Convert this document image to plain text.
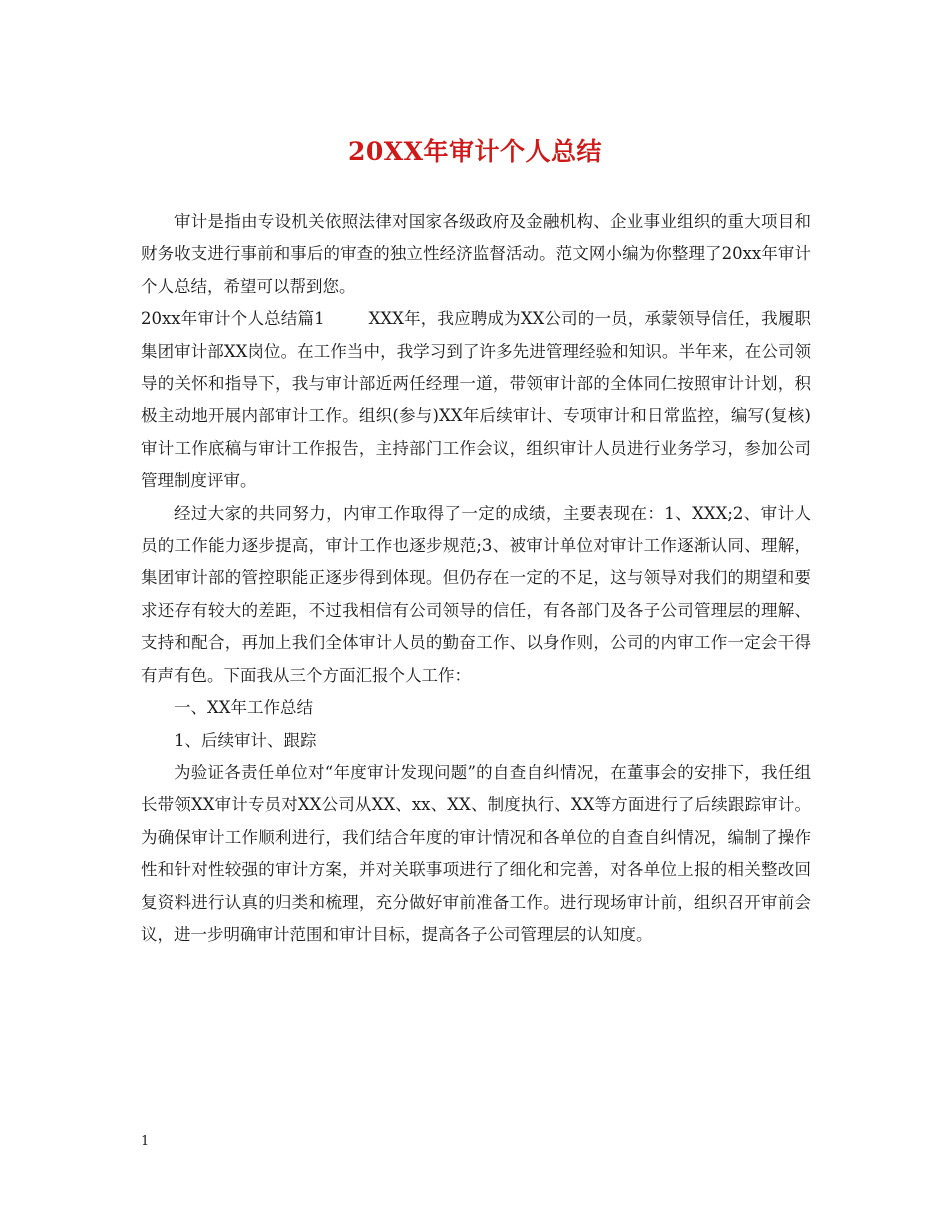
20XX年审计个人总结

审计是指由专设机关依照法律对国家各级政府及金融机构、企业事业组织的重大项目和财务收支进行事前和事后的审查的独立性经济监督活动。范文网小编为你整理了20xx年审计个人总结，希望可以帮到您。

20xx年审计个人总结篇1	XXX年，我应聘成为XX公司的一员，承蒙领导信任，我履职集团审计部XX岗位。在工作当中，我学习到了许多先进管理经验和知识。半年来，在公司领导的关怀和指导下，我与审计部近两任经理一道，带领审计部的全体同仁按照审计计划，积极主动地开展内部审计工作。组织(参与)XX年后续审计、专项审计和日常监控，编写(复核)审计工作底稿与审计工作报告，主持部门工作会议，组织审计人员进行业务学习，参加公司管理制度评审。

经过大家的共同努力，内审工作取得了一定的成绩，主要表现在：1、XXX;2、审计人员的工作能力逐步提高，审计工作也逐步规范;3、被审计单位对审计工作逐渐认同、理解，集团审计部的管控职能正逐步得到体现。但仍存在一定的不足，这与领导对我们的期望和要求还存有较大的差距，不过我相信有公司领导的信任，有各部门及各子公司管理层的理解、支持和配合，再加上我们全体审计人员的勤奋工作、以身作则，公司的内审工作一定会干得有声有色。下面我从三个方面汇报个人工作：

一、XX年工作总结

1、后续审计、跟踪

为验证各责任单位对“年度审计发现问题”的自查自纠情况，在董事会的安排下，我任组长带领XX审计专员对XX公司从XX、xx、XX、制度执行、XX等方面进行了后续跟踪审计。为确保审计工作顺利进行，我们结合年度的审计情况和各单位的自查自纠情况，编制了操作性和针对性较强的审计方案，并对关联事项进行了细化和完善，对各单位上报的相关整改回复资料进行认真的归类和梳理，充分做好审前准备工作。进行现场审计前，组织召开审前会议，进一步明确审计范围和审计目标，提高各子公司管理层的认知度。

1
